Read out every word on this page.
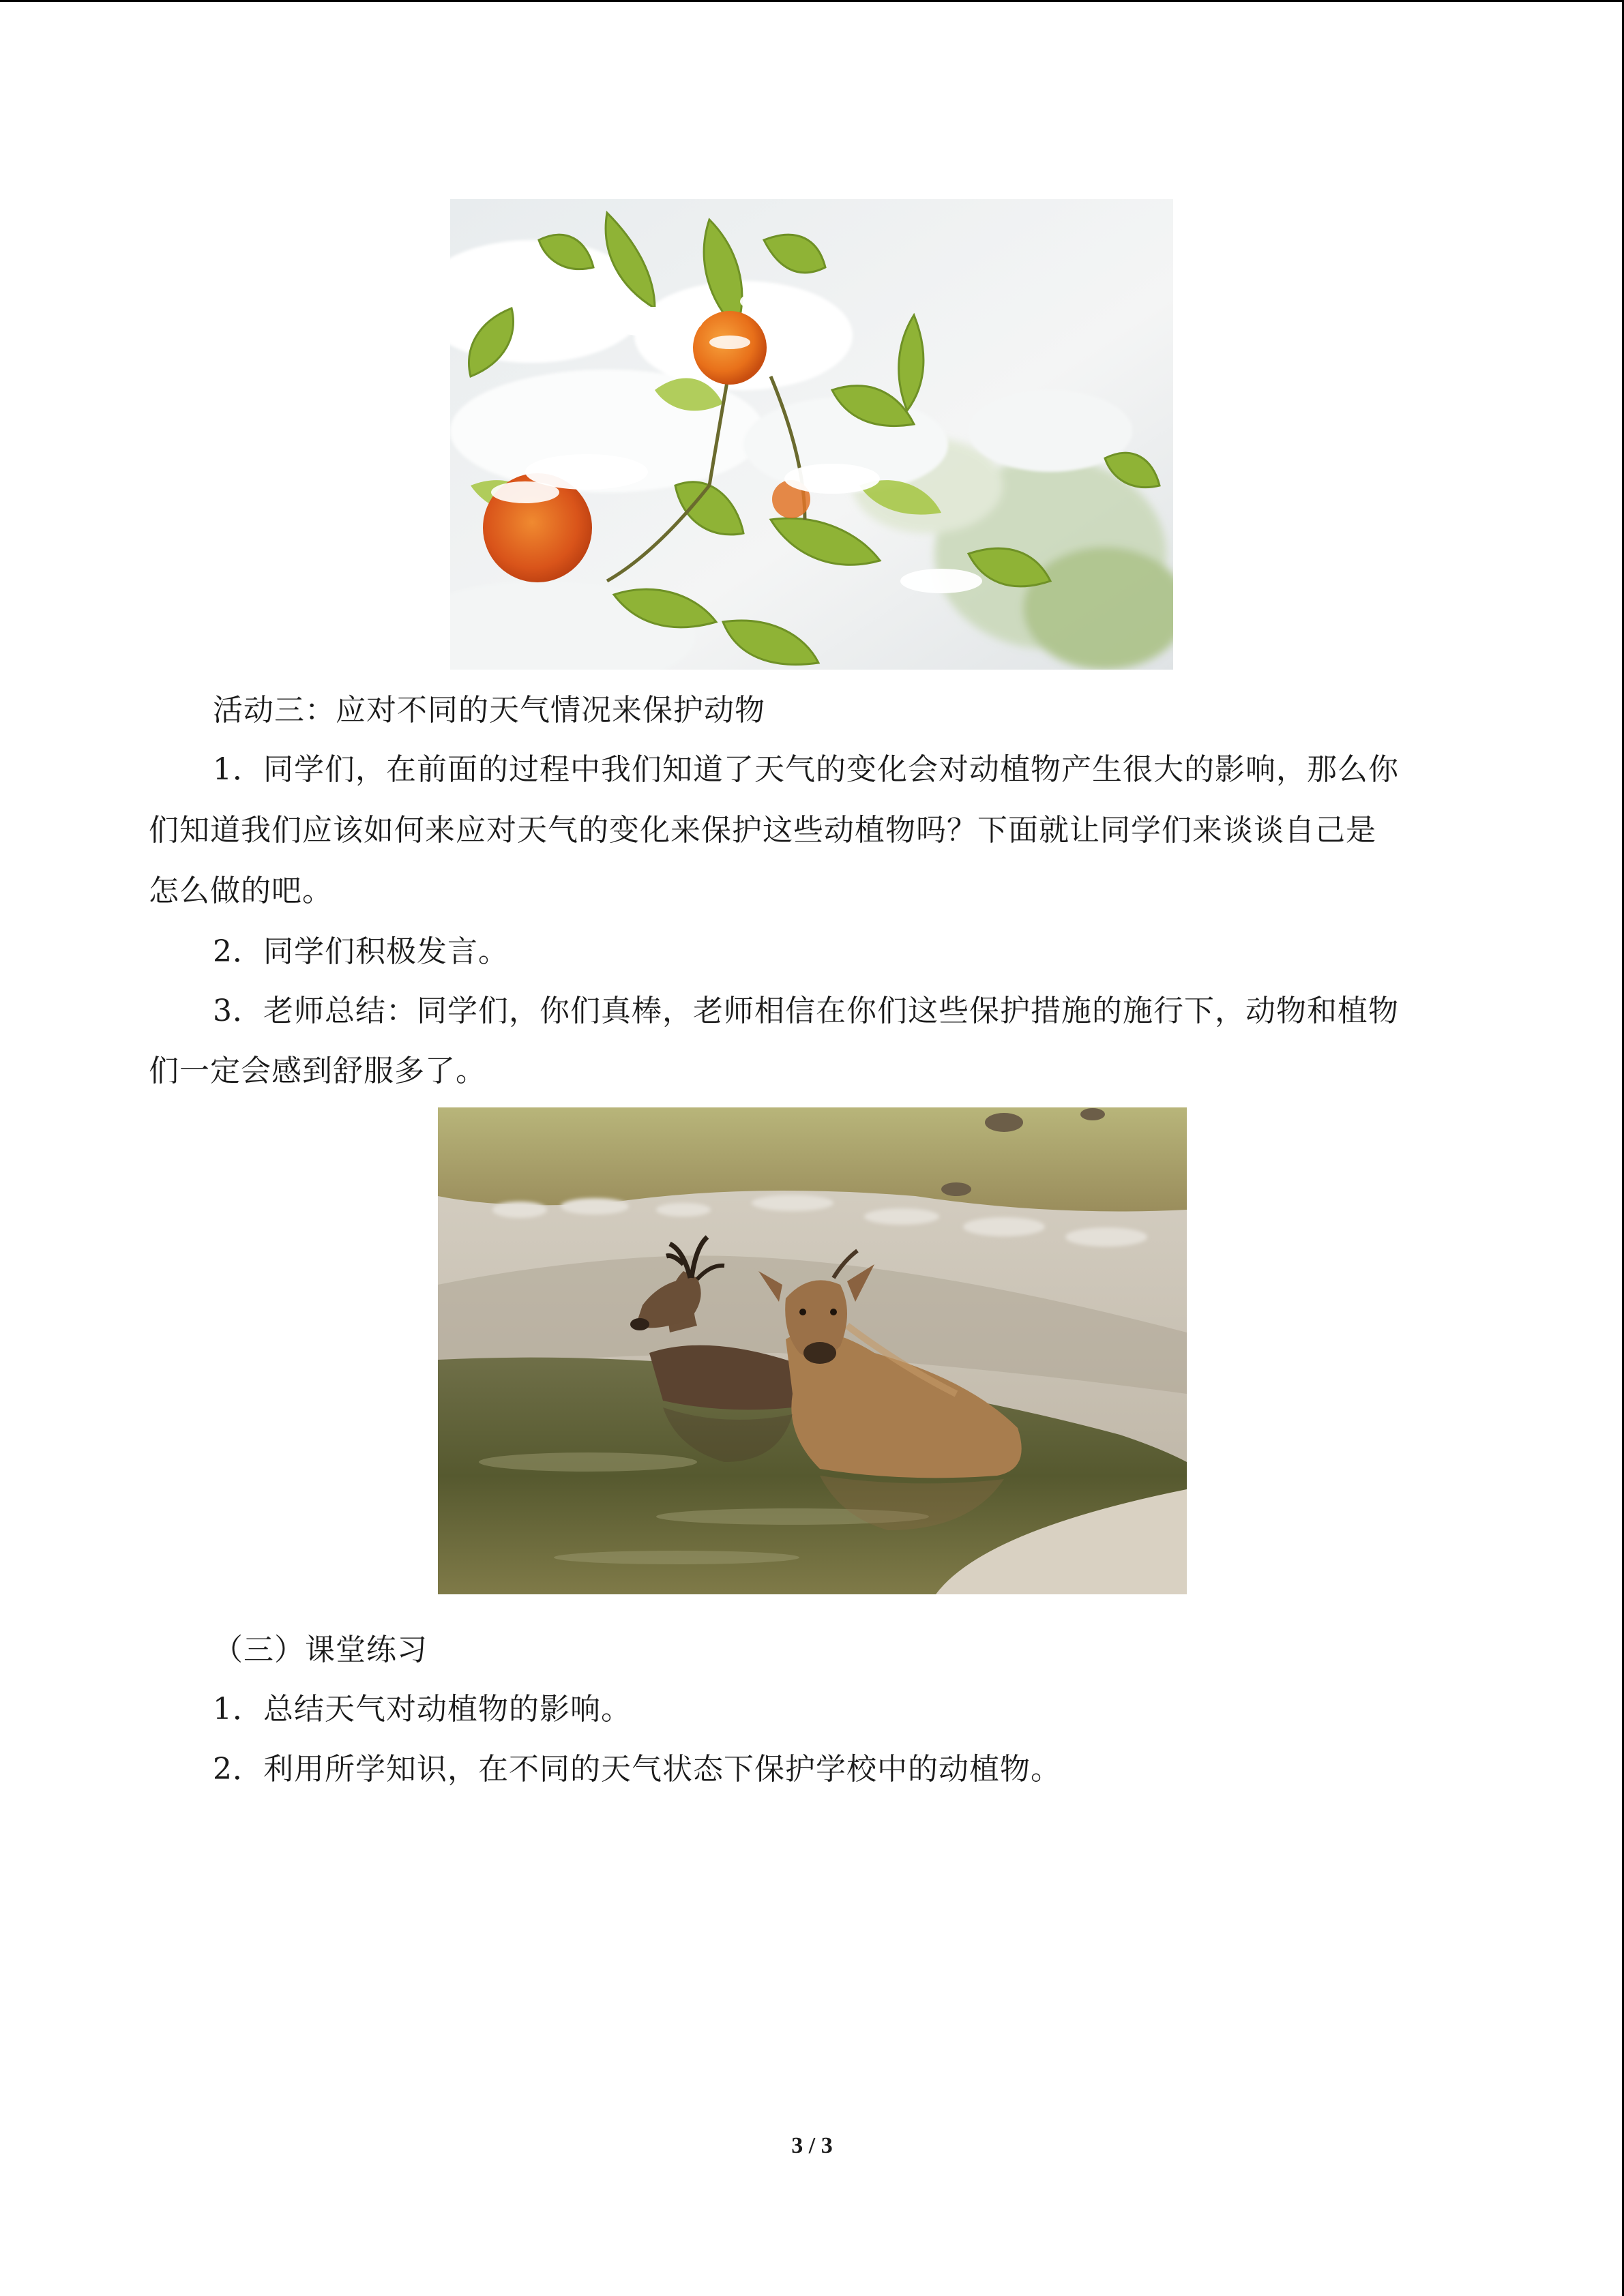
活动三：应对不同的天气情况来保护动物
1．同学们，在前面的过程中我们知道了天气的变化会对动植物产生很大的影响，那么你
们知道我们应该如何来应对天气的变化来保护这些动植物吗？下面就让同学们来谈谈自己是
怎么做的吧。
2．同学们积极发言。
3．老师总结：同学们，你们真棒，老师相信在你们这些保护措施的施行下，动物和植物
们一定会感到舒服多了。
（三）课堂练习
1．总结天气对动植物的影响。
2．利用所学知识，在不同的天气状态下保护学校中的动植物。
3 / 3
